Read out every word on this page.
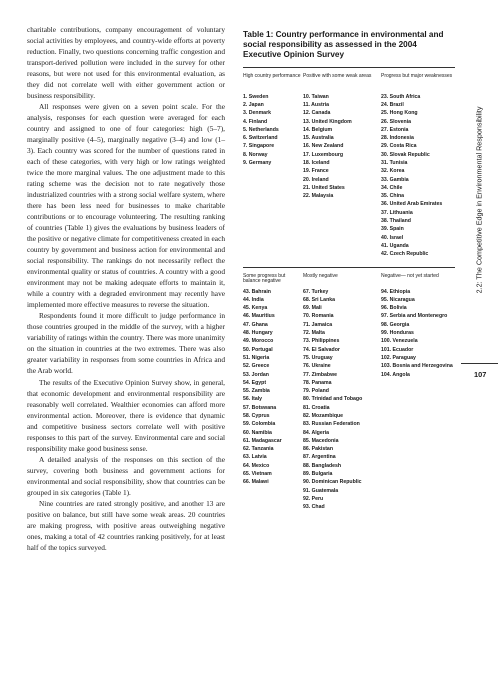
charitable contributions, company encouragement of voluntary social activities by employees, and country-wide efforts at poverty reduction. Finally, two questions concerning traffic congestion and transport-derived pollution were included in the survey for other reasons, but were not used for this environmental evaluation, as they did not correlate well with either government action or business responsibility.

All responses were given on a seven point scale. For the analysis, responses for each question were averaged for each country and assigned to one of four categories: high (5–7), marginally positive (4–5), marginally negative (3–4) and low (1–3). Each country was scored for the number of questions rated in each of these categories, with very high or low ratings weighted twice the more marginal values. The one adjustment made to this rating scheme was the decision not to rate negatively those industrialized countries with a strong social welfare system, where there has been less need for businesses to make charitable contributions or to encourage volunteering. The resulting ranking of countries (Table 1) gives the evaluations by business leaders of the positive or negative climate for competitiveness created in each country by government and business action for environmental and social responsibility. The rankings do not necessarily reflect the environmental quality or status of countries. A country with a good environment may not be making adequate efforts to maintain it, while a country with a degraded environment may recently have implemented more effective measures to reverse the situation.

Respondents found it more difficult to judge performance in those countries grouped in the middle of the survey, with a higher variability of ratings within the country. There was more unanimity on the situation in countries at the two extremes. There was also greater variability in responses from some countries in Africa and the Arab world.

The results of the Executive Opinion Survey show, in general, that economic development and environmental responsibility are reasonably well correlated. Wealthier economies can afford more environmental action. Moreover, there is evidence that dynamic and competitive business sectors correlate well with positive responses to this part of the survey. Environmental care and social responsibility make good business sense.

A detailed analysis of the responses on this section of the survey, covering both business and government actions for environmental and social responsibility, show that countries can be grouped in six categories (Table 1).

Nine countries are rated strongly positive, and another 13 are positive on balance, but still have some weak areas. 20 countries are making progress, with positive areas outweighing negative ones, making a total of 42 countries ranking positively, for at least half of the topics surveyed.

Table 1: Country performance in environmental and social responsibility as assessed in the 2004 Executive Opinion Survey
High country performance
1. Sweden
2. Japan
3. Denmark
4. Finland
5. Netherlands
6. Switzerland
7. Singapore
8. Norway
9. Germany
Positive with some weak areas
10. Taiwan
11. Austria
12. Canada
13. United Kingdom
14. Belgium
15. Australia
16. New Zealand
17. Luxembourg
18. Iceland
19. France
20. Ireland
21. United States
22. Malaysia
Progress but major weaknesses
23. South Africa
24. Brazil
25. Hong Kong
26. Slovenia
27. Estonia
28. Indonesia
29. Costa Rica
30. Slovak Republic
31. Tunisia
32. Korea
33. Gambia
34. Chile
35. China
36. United Arab Emirates
37. Lithuania
38. Thailand
39. Spain
40. Israel
41. Uganda
42. Czech Republic
Some progress but balance negative
43. Bahrain
44. India
45. Kenya
46. Mauritius
47. Ghana
48. Hungary
49. Morocco
50. Portugal
51. Nigeria
52. Greece
53. Jordan
54. Egypt
55. Zambia
56. Italy
57. Botswana
58. Cyprus
59. Colombia
60. Namibia
61. Madagascar
62. Tanzania
63. Latvia
64. Mexico
65. Vietnam
66. Malawi
Mostly negative
67. Turkey
68. Sri Lanka
69. Mali
70. Romania
71. Jamaica
72. Malta
73. Philippines
74. El Salvador
75. Uruguay
76. Ukraine
77. Zimbabwe
78. Panama
79. Poland
80. Trinidad and Tobago
81. Croatia
82. Mozambique
83. Russian Federation
84. Algeria
85. Macedonia
86. Pakistan
87. Argentina
88. Bangladesh
89. Bulgaria
90. Dominican Republic
91. Guatemala
92. Peru
93. Chad
Negative— not yet started
94. Ethiopia
95. Nicaragua
96. Bolivia
97. Serbia and Montenegro
98. Georgia
99. Honduras
100. Venezuela
101. Ecuador
102. Paraguay
103. Bosnia and Herzegovina
104. Angola
2.2: The Competitive Edge in Environmental Responsibility
107
